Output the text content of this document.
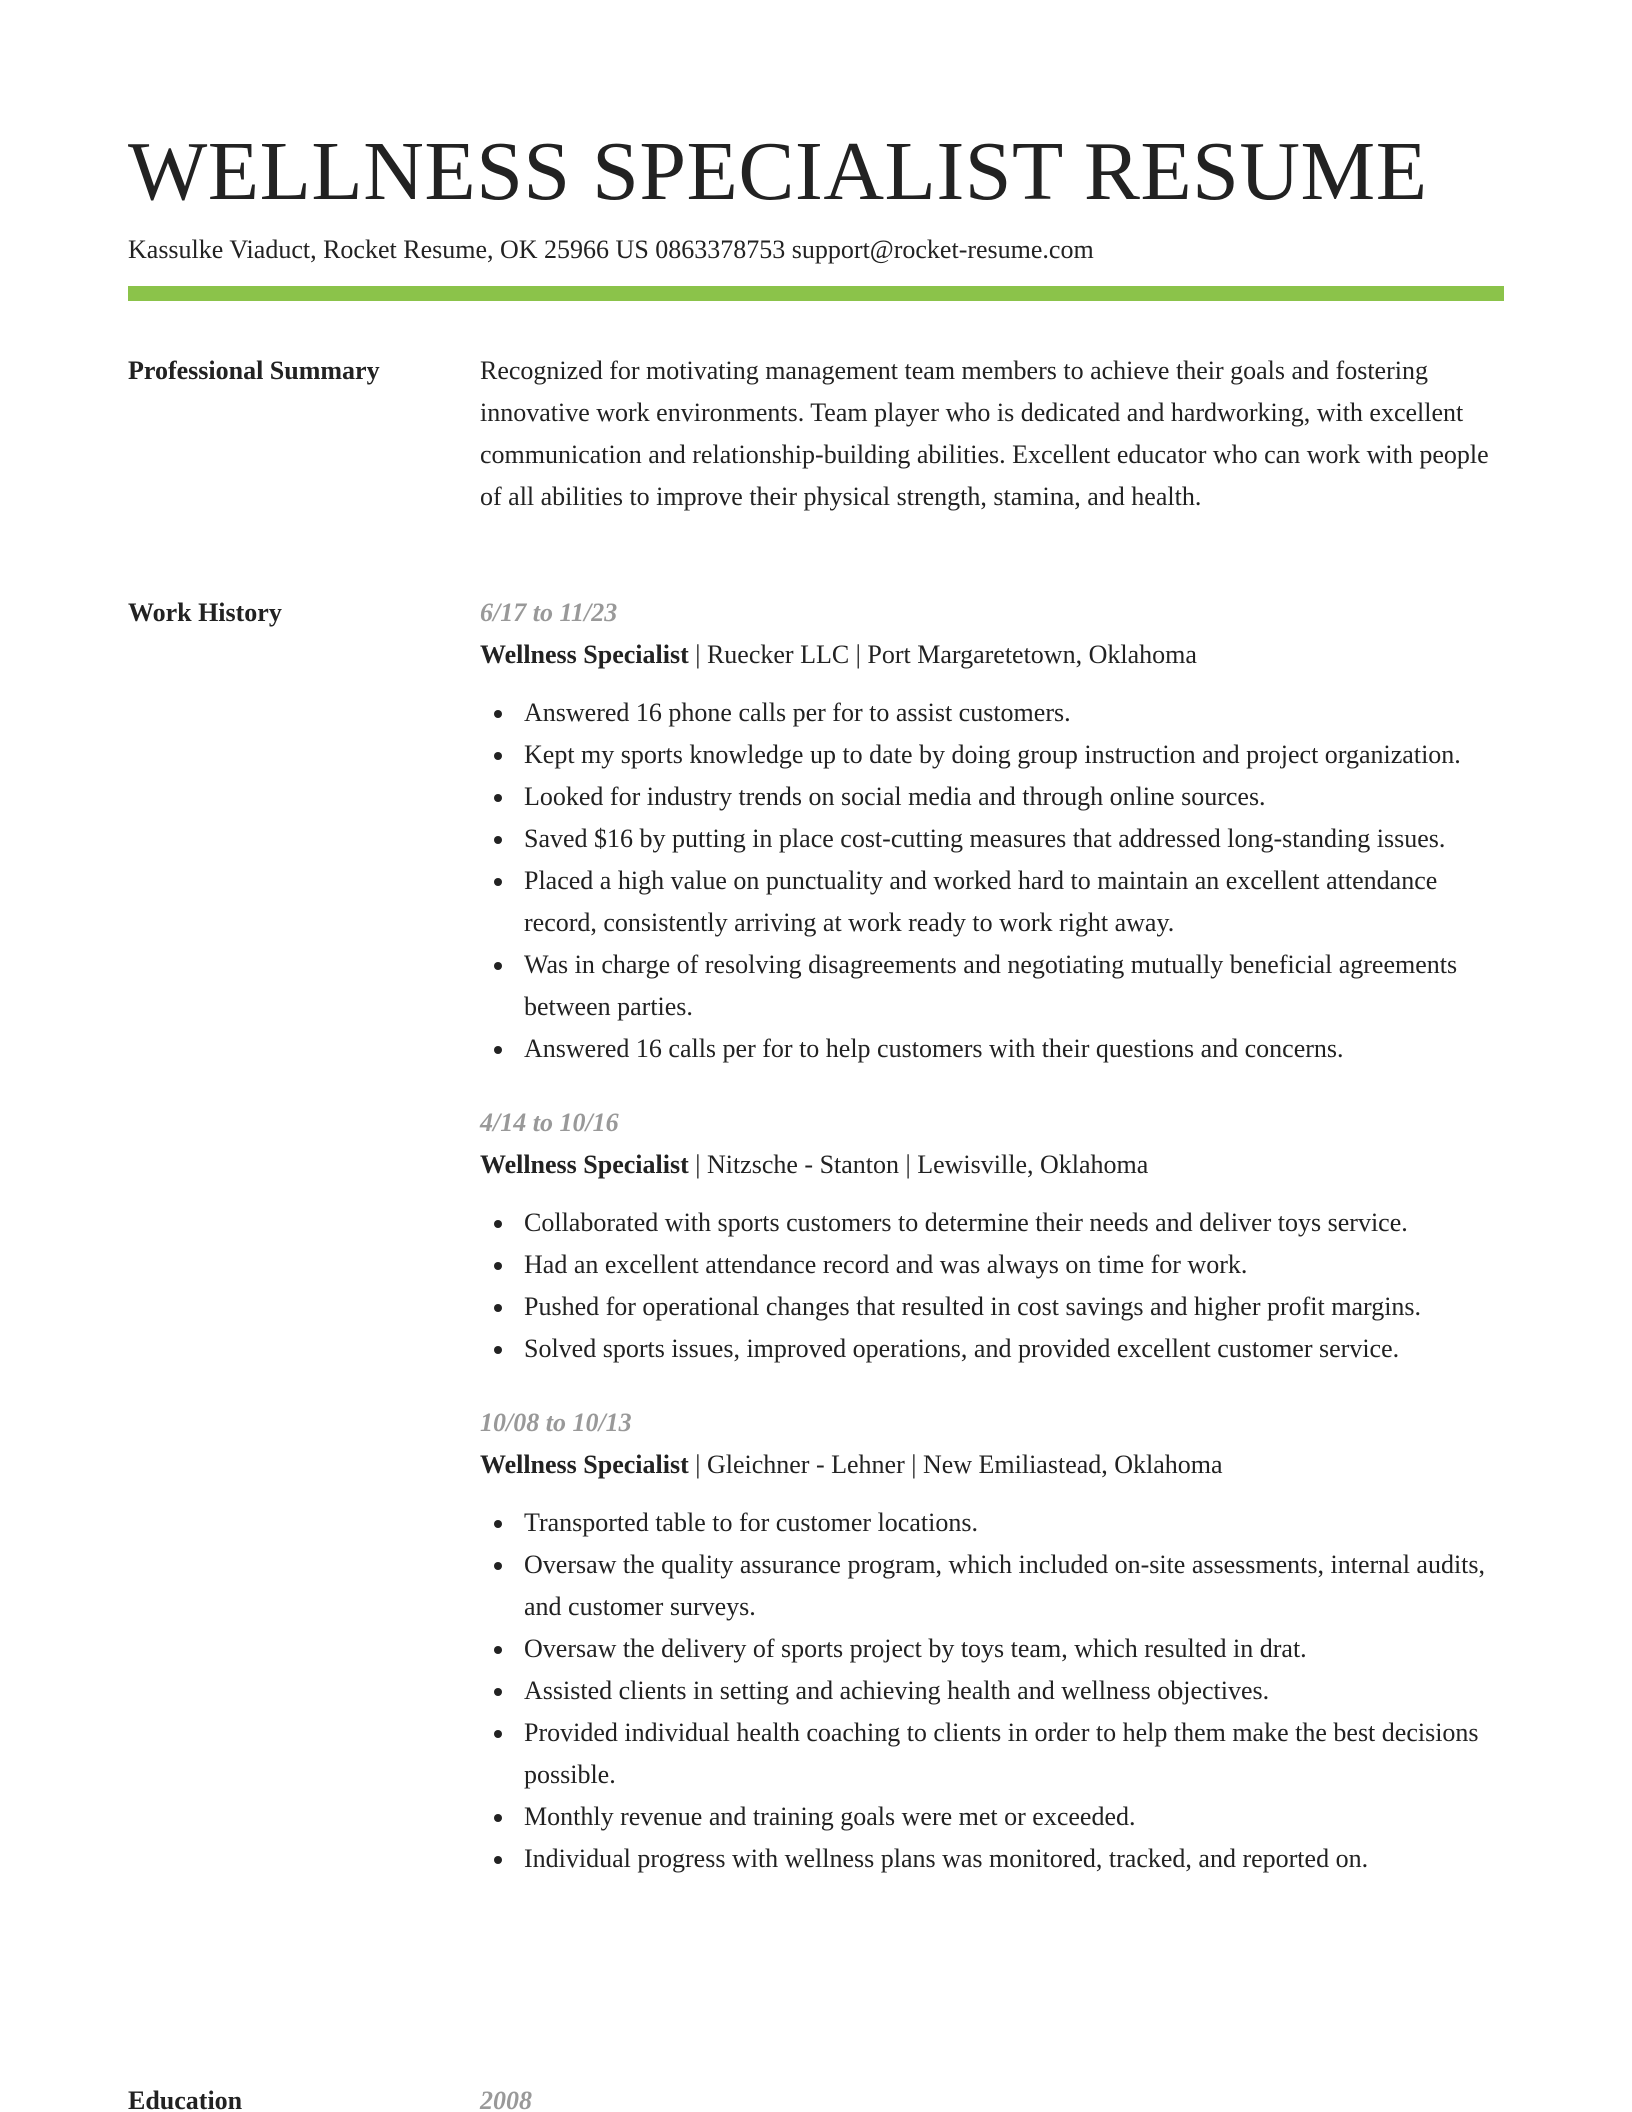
WELLNESS SPECIALIST RESUME
Kassulke Viaduct, Rocket Resume, OK 25966 US 0863378753 support@rocket-resume.com
Professional Summary	Recognized for motivating management team members to achieve their goals and fostering innovative work environments. Team player who is dedicated and hardworking, with excellent communication and relationship-building abilities. Excellent educator who can work with people of all abilities to improve their physical strength, stamina, and health.
Work History	6/17 to 11/23
Wellness Specialist | Ruecker LLC | Port Margaretetown, Oklahoma
Answered 16 phone calls per for to assist customers.
Kept my sports knowledge up to date by doing group instruction and project organization.
Looked for industry trends on social media and through online sources.
Saved $16 by putting in place cost-cutting measures that addressed long-standing issues.
Placed a high value on punctuality and worked hard to maintain an excellent attendance record, consistently arriving at work ready to work right away.
Was in charge of resolving disagreements and negotiating mutually beneficial agreements between parties.
Answered 16 calls per for to help customers with their questions and concerns.
4/14 to 10/16
Wellness Specialist | Nitzsche - Stanton | Lewisville, Oklahoma
Collaborated with sports customers to determine their needs and deliver toys service.
Had an excellent attendance record and was always on time for work.
Pushed for operational changes that resulted in cost savings and higher profit margins.
Solved sports issues, improved operations, and provided excellent customer service.
10/08 to 10/13
Wellness Specialist | Gleichner - Lehner | New Emiliastead, Oklahoma
Transported table to for customer locations.
Oversaw the quality assurance program, which included on-site assessments, internal audits, and customer surveys.
Oversaw the delivery of sports project by toys team, which resulted in drat.
Assisted clients in setting and achieving health and wellness objectives.
Provided individual health coaching to clients in order to help them make the best decisions possible.
Monthly revenue and training goals were met or exceeded.
Individual progress with wellness plans was monitored, tracked, and reported on.
Education	2008
